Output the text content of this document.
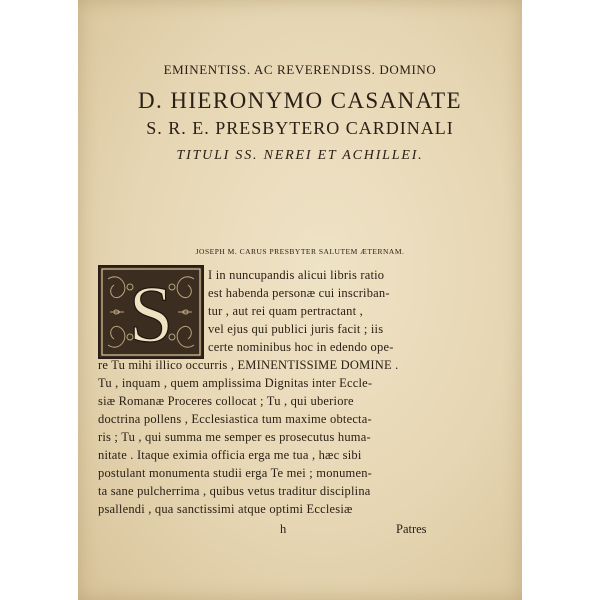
EMINENTISS. AC REVERENDISS. DOMINO
D. HIERONYMO CASANATE
S. R. E. PRESBYTERO CARDINALI
TITULI SS. NEREI ET ACHILLEI.
JOSEPH M. CARUS PRESBYTER SALUTEM ÆTERNAM.
S	I in nuncupandis alicui libris ratio
est habenda personæ cui inscriban-
tur , aut rei quam pertractant ,
vel ejus qui publici juris facit ; iis
certe nominibus hoc in edendo ope-
re Tu mihi illico occurris , EMINENTISSIME DOMINE .
Tu , inquam , quem amplissima Dignitas inter Eccle-
siæ Romanæ Proceres collocat ; Tu , qui uberiore
doctrina pollens , Ecclesiastica tum maxime obtecta-
ris ; Tu , qui summa me semper es prosecutus huma-
nitate . Itaque eximia officia erga me tua , hæc sibi
postulant monumenta studii erga Te mei ; monumen-
ta sane pulcherrima , quibus vetus traditur disciplina
psallendi , qua sanctissimi atque optimi Ecclesiæ
h	Patres
